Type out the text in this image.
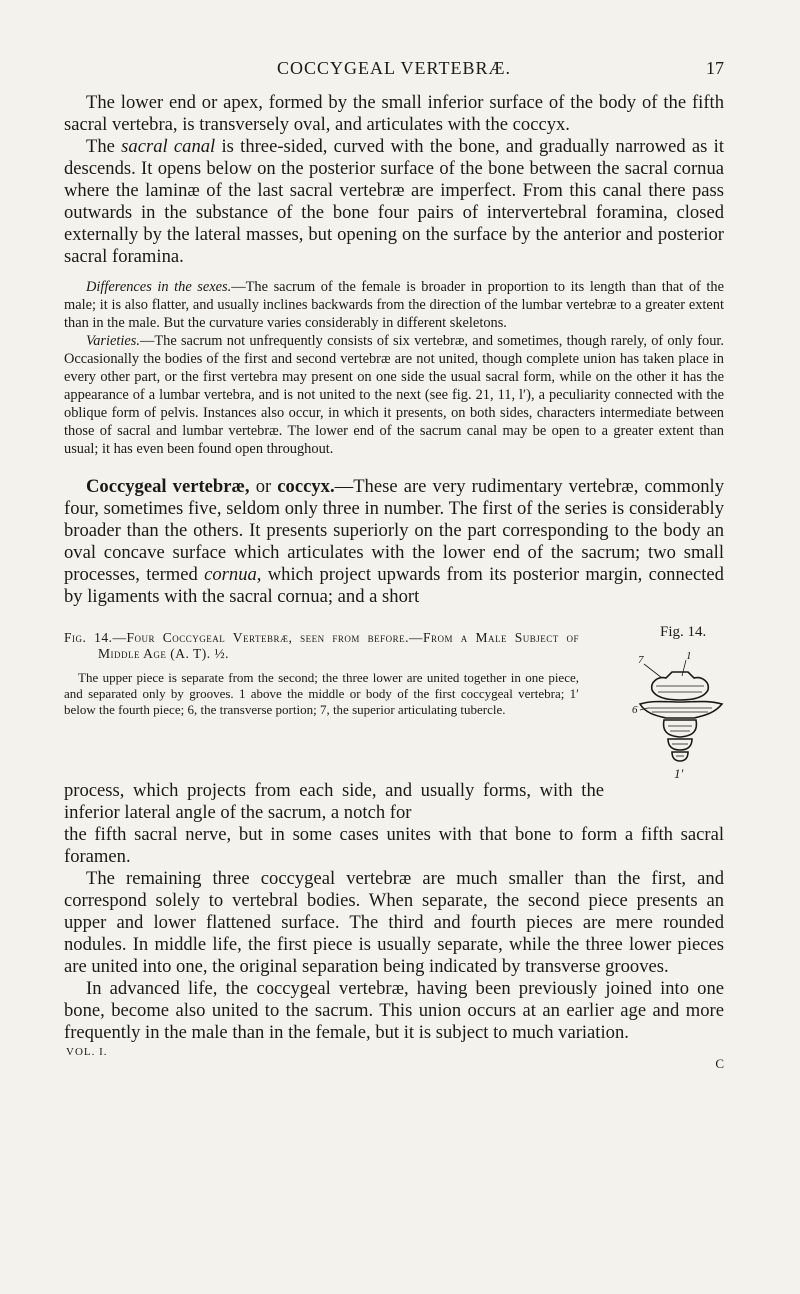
COCCYGEAL VERTEBRÆ.	17

The lower end or apex, formed by the small inferior surface of the body of the fifth sacral vertebra, is transversely oval, and articulates with the coccyx.

The sacral canal is three-sided, curved with the bone, and gradually narrowed as it descends. It opens below on the posterior surface of the bone between the sacral cornua where the laminæ of the last sacral vertebræ are imperfect. From this canal there pass outwards in the substance of the bone four pairs of intervertebral foramina, closed externally by the lateral masses, but opening on the surface by the anterior and posterior sacral foramina.

Differences in the sexes.—The sacrum of the female is broader in proportion to its length than that of the male; it is also flatter, and usually inclines backwards from the direction of the lumbar vertebræ to a greater extent than in the male. But the curvature varies considerably in different skeletons.

Varieties.—The sacrum not unfrequently consists of six vertebræ, and sometimes, though rarely, of only four. Occasionally the bodies of the first and second vertebræ are not united, though complete union has taken place in every other part, or the first vertebra may present on one side the usual sacral form, while on the other it has the appearance of a lumbar vertebra, and is not united to the next (see fig. 21, 11, l′), a peculiarity connected with the oblique form of pelvis. Instances also occur, in which it presents, on both sides, characters intermediate between those of sacral and lumbar vertebræ. The lower end of the sacrum canal may be open to a greater extent than usual; it has even been found open throughout.

Coccygeal vertebræ, or coccyx.—These are very rudimentary vertebræ, commonly four, sometimes five, seldom only three in number. The first of the series is considerably broader than the others. It presents superiorly on the part corresponding to the body an oval concave surface which articulates with the lower end of the sacrum; two small processes, termed cornua, which project upwards from its posterior margin, connected by ligaments with the sacral cornua; and a short

Fig. 14.—Four Coccygeal Vertebræ, seen from before.—From a Male Subject of Middle Age (A. T). ½.

The upper piece is separate from the second; the three lower are united together in one piece, and separated only by grooves. 1 above the middle or body of the first coccygeal vertebra; 1′ below the fourth piece; 6, the transverse portion; 7, the superior articulating tubercle.

Fig. 14.
7	1
6
1′

process, which projects from each side, and usually forms, with the inferior lateral angle of the sacrum, a notch for

the fifth sacral nerve, but in some cases unites with that bone to form a fifth sacral foramen.

The remaining three coccygeal vertebræ are much smaller than the first, and correspond solely to vertebral bodies. When separate, the second piece presents an upper and lower flattened surface. The third and fourth pieces are mere rounded nodules. In middle life, the first piece is usually separate, while the three lower pieces are united into one, the original separation being indicated by transverse grooves.

In advanced life, the coccygeal vertebræ, having been previously joined into one bone, become also united to the sacrum. This union occurs at an earlier age and more frequently in the male than in the female, but it is subject to much variation.

VOL. I.
C
